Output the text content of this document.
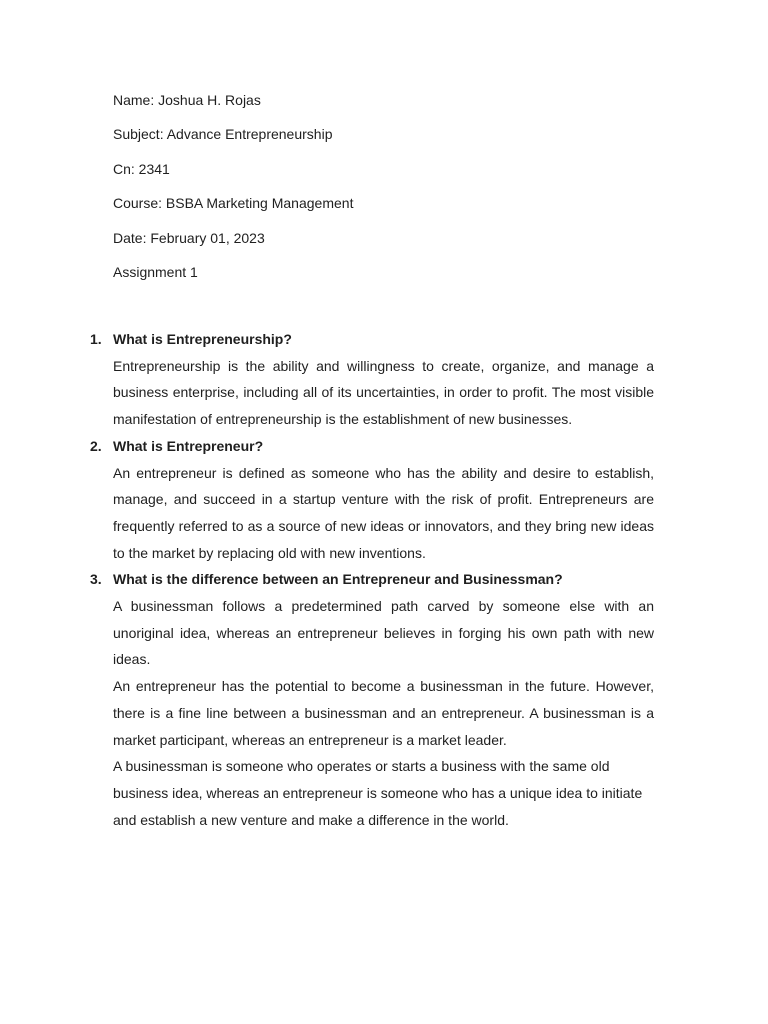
Name: Joshua H. Rojas
Subject: Advance Entrepreneurship
Cn: 2341
Course: BSBA Marketing Management
Date: February 01, 2023
Assignment 1
1. What is Entrepreneurship?
Entrepreneurship is the ability and willingness to create, organize, and manage a business enterprise, including all of its uncertainties, in order to profit. The most visible manifestation of entrepreneurship is the establishment of new businesses.
2. What is Entrepreneur?
An entrepreneur is defined as someone who has the ability and desire to establish, manage, and succeed in a startup venture with the risk of profit. Entrepreneurs are frequently referred to as a source of new ideas or innovators, and they bring new ideas to the market by replacing old with new inventions.
3. What is the difference between an Entrepreneur and Businessman?
A businessman follows a predetermined path carved by someone else with an unoriginal idea, whereas an entrepreneur believes in forging his own path with new ideas.
An entrepreneur has the potential to become a businessman in the future. However, there is a fine line between a businessman and an entrepreneur. A businessman is a market participant, whereas an entrepreneur is a market leader.
A businessman is someone who operates or starts a business with the same old business idea, whereas an entrepreneur is someone who has a unique idea to initiate and establish a new venture and make a difference in the world.
